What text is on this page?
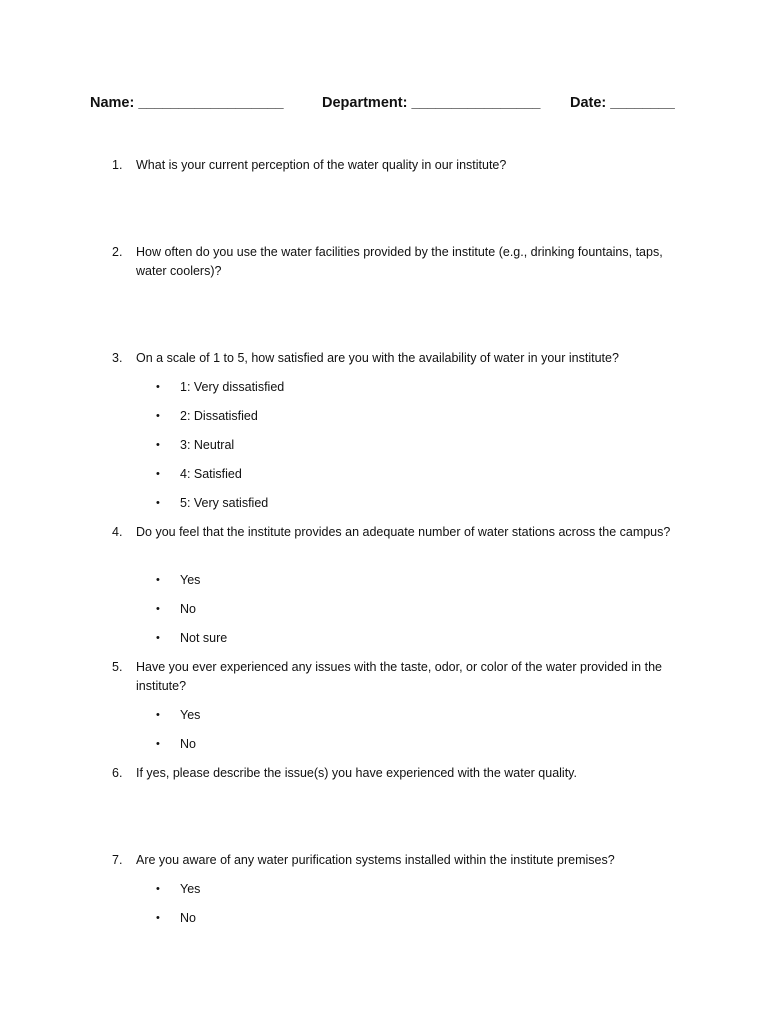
Name: __________________	Department: ________________ Date: ________
1.	What is your current perception of the water quality in our institute?
2.	How often do you use the water facilities provided by the institute (e.g., drinking fountains, taps, water coolers)?
3.	On a scale of 1 to 5, how satisfied are you with the availability of water in your institute?
•	1: Very dissatisfied
•	2: Dissatisfied
•	3: Neutral
•	4: Satisfied
•	5: Very satisfied
4.	Do you feel that the institute provides an adequate number of water stations across the campus?
•	Yes
•	No
•	Not sure
5.	Have you ever experienced any issues with the taste, odor, or color of the water provided in the institute?
•	Yes
•	No
6.	If yes, please describe the issue(s) you have experienced with the water quality.
7.	Are you aware of any water purification systems installed within the institute premises?
•	Yes
•	No
